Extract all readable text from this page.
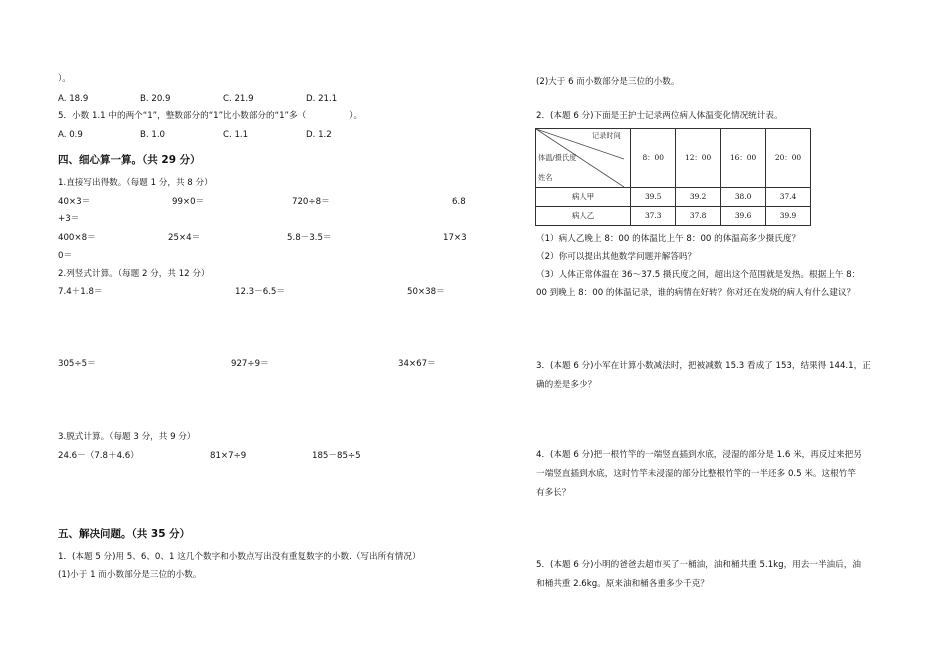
）。
A. 18.9	B. 20.9	C. 21.9	D. 21.1
5．小数 1.1 中的两个“1”，整数部分的“1”比小数部分的“1”多（　　　　　）。
A. 0.9	B. 1.0	C. 1.1	D. 1.2
四、细心算一算。（共 29 分）
1.直接写出得数。（每题 1 分，共 8 分）
40×3＝	99×0＝	720÷8＝	6.8
+3＝
400×8＝	25×4＝	5.8－3.5＝	17×3
0＝
2.列竖式计算。（每题 2 分，共 12 分）
7.4＋1.8＝	12.3－6.5＝	50×38＝
305÷5＝	927÷9＝	34×67＝
3.脱式计算。（每题 3 分，共 9 分）
24.6－（7.8＋4.6）	81×7÷9	185－85÷5
五、解决问题。（共 35 分）
1．(本题 5 分)用 5、6、0、1 这几个数字和小数点写出没有重复数字的小数.（写出所有情况）
(1)小于 1 而小数部分是三位的小数。
(2)大于 6 而小数部分是三位的小数。
2．(本题 6 分)下面是王护士记录两位病人体温变化情况统计表。
记录时间
体温/摄氏度
姓名	8：00	12：00	16：00	20：00
病人甲	39.5	39.2	38.0	37.4
病人乙	37.3	37.8	39.6	39.9
（1）病人乙晚上 8：00 的体温比上午 8：00 的体温高多少摄氏度？
（2）你可以提出其他数学问题并解答吗？
（3）人体正常体温在 36～37.5 摄氏度之间，超出这个范围就是发热。根据上午 8：
00 到晚上 8：00 的体温记录，谁的病情在好转？你对还在发烧的病人有什么建议？
3．(本题 6 分)小军在计算小数减法时，把被减数 15.3 看成了 153，结果得 144.1，正
确的差是多少？
4．(本题 6 分)把一根竹竿的一端竖直插到水底，浸湿的部分是 1.6 米，再反过来把另
一端竖直插到水底，这时竹竿未浸湿的部分比整根竹竿的一半还多 0.5 米。这根竹竿
有多长？
5．(本题 6 分)小明的爸爸去超市买了一桶油，油和桶共重 5.1kg，用去一半油后，油
和桶共重 2.6kg。原来油和桶各重多少千克？
